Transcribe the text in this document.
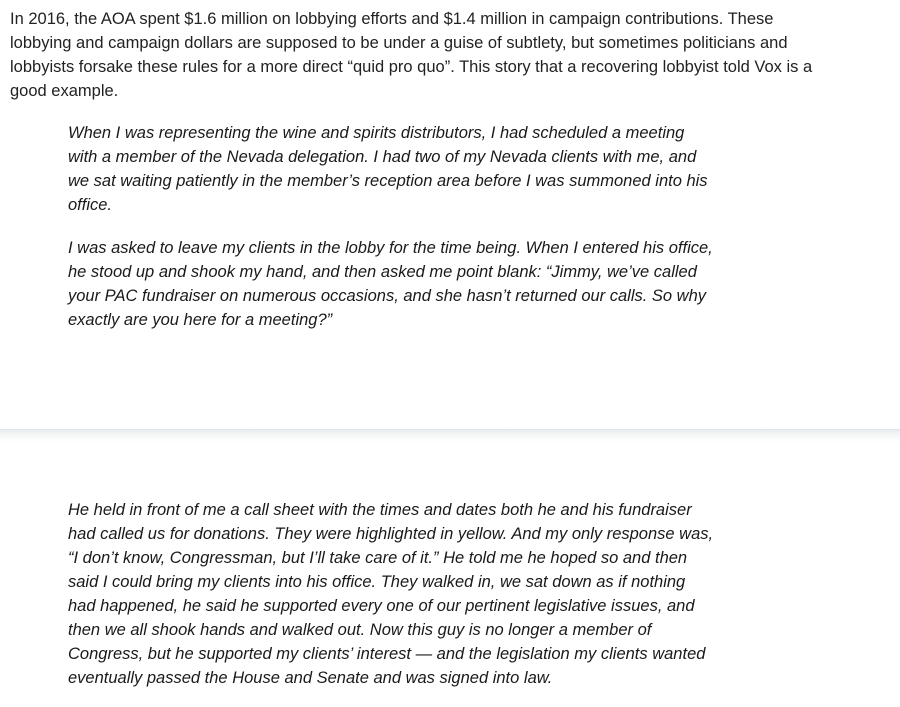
In 2016, the AOA spent $1.6 million on lobbying efforts and $1.4 million in campaign contributions. These
lobbying and campaign dollars are supposed to be under a guise of subtlety, but sometimes politicians and
lobbyists forsake these rules for a more direct “quid pro quo”. This story that a recovering lobbyist told Vox is a
good example.

When I was representing the wine and spirits distributors, I had scheduled a meeting
with a member of the Nevada delegation. I had two of my Nevada clients with me, and
we sat waiting patiently in the member’s reception area before I was summoned into his
office.
I was asked to leave my clients in the lobby for the time being. When I entered his office,
he stood up and shook my hand, and then asked me point blank: “Jimmy, we’ve called
your PAC fundraiser on numerous occasions, and she hasn’t returned our calls. So why
exactly are you here for a meeting?”
He held in front of me a call sheet with the times and dates both he and his fundraiser
had called us for donations. They were highlighted in yellow. And my only response was,
“I don’t know, Congressman, but I’ll take care of it.” He told me he hoped so and then
said I could bring my clients into his office. They walked in, we sat down as if nothing
had happened, he said he supported every one of our pertinent legislative issues, and
then we all shook hands and walked out. Now this guy is no longer a member of
Congress, but he supported my clients’ interest — and the legislation my clients wanted
eventually passed the House and Senate and was signed into law.
